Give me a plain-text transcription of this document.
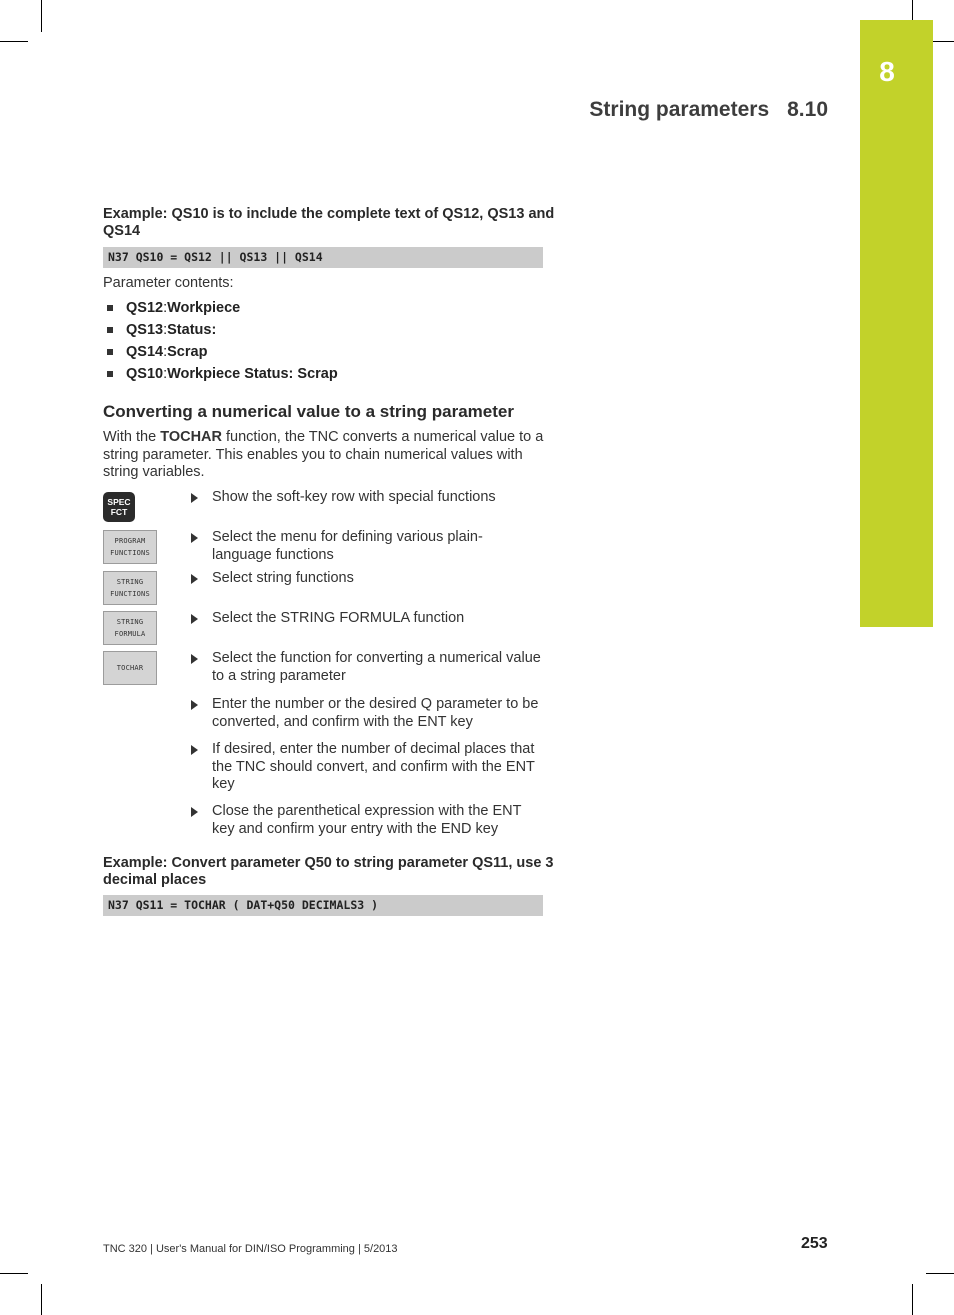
8
String parameters 8.10
Example: QS10 is to include the complete text of QS12, QS13 and QS14
N37 QS10 = QS12 || QS13 || QS14
Parameter contents:
QS12 : Workpiece
QS13 : Status:
QS14 : Scrap
QS10 : Workpiece Status: Scrap
Converting a numerical value to a string parameter
With the TOCHAR function, the TNC converts a numerical value to a string parameter. This enables you to chain numerical values with string variables.
SPEC
FCT
PROGRAM
FUNCTIONS
STRING
FUNCTIONS
STRING
FORMULA
TOCHAR
Show the soft-key row with special functions
Select the menu for defining various plain-language functions
Select string functions
Select the STRING FORMULA function
Select the function for converting a numerical value to a string parameter
Enter the number or the desired Q parameter to be converted, and confirm with the ENT key
If desired, enter the number of decimal places that the TNC should convert, and confirm with the ENT key
Close the parenthetical expression with the ENT key and confirm your entry with the END key
Example: Convert parameter Q50 to string parameter QS11, use 3 decimal places
N37 QS11 = TOCHAR ( DAT+Q50 DECIMALS3 )
TNC 320 | User's Manual for DIN/ISO Programming | 5/2013	253
